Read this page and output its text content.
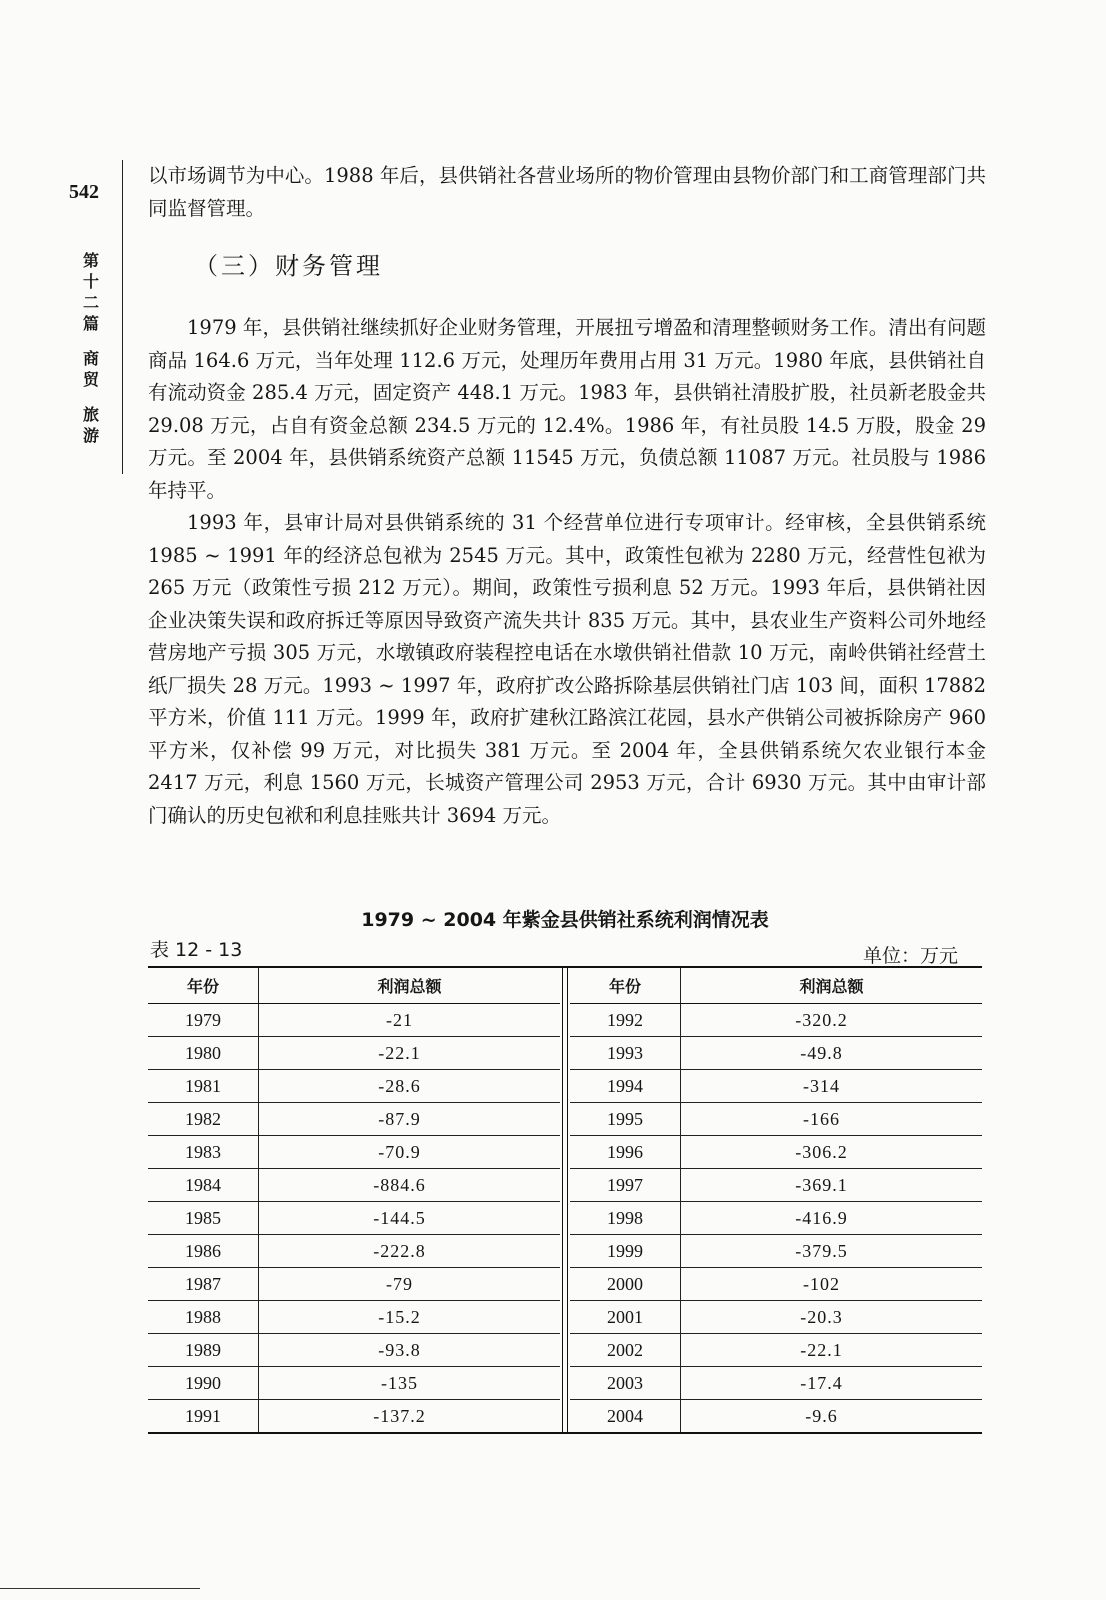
542
第
十
二
篇
商
贸
旅
游

以市场调节为中心。1988 年后，县供销社各营业场所的物价管理由县物价部门和工商管理部门共同监督管理。

（三）财务管理

1979 年，县供销社继续抓好企业财务管理，开展扭亏增盈和清理整顿财务工作。清出有问题商品 164.6 万元，当年处理 112.6 万元，处理历年费用占用 31 万元。1980 年底，县供销社自有流动资金 285.4 万元，固定资产 448.1 万元。1983 年，县供销社清股扩股，社员新老股金共 29.08 万元，占自有资金总额 234.5 万元的 12.4%。1986 年，有社员股 14.5 万股，股金 29 万元。至 2004 年，县供销系统资产总额 11545 万元，负债总额 11087 万元。社员股与 1986 年持平。

1993 年，县审计局对县供销系统的 31 个经营单位进行专项审计。经审核，全县供销系统 1985 ~ 1991 年的经济总包袱为 2545 万元。其中，政策性包袱为 2280 万元，经营性包袱为 265 万元（政策性亏损 212 万元）。期间，政策性亏损利息 52 万元。1993 年后，县供销社因企业决策失误和政府拆迁等原因导致资产流失共计 835 万元。其中，县农业生产资料公司外地经营房地产亏损 305 万元，水墩镇政府装程控电话在水墩供销社借款 10 万元，南岭供销社经营土纸厂损失 28 万元。1993 ~ 1997 年，政府扩改公路拆除基层供销社门店 103 间，面积 17882 平方米，价值 111 万元。1999 年，政府扩建秋江路滨江花园，县水产供销公司被拆除房产 960 平方米，仅补偿 99 万元，对比损失 381 万元。至 2004 年，全县供销系统欠农业银行本金 2417 万元，利息 1560 万元，长城资产管理公司 2953 万元，合计 6930 万元。其中由审计部门确认的历史包袱和利息挂账共计 3694 万元。

1979 ~ 2004 年紫金县供销社系统利润情况表
表 12 - 13	单位：万元
年份	利润总额
1979	-21
1980	-22.1
1981	-28.6
1982	-87.9
1983	-70.9
1984	-884.6
1985	-144.5
1986	-222.8
1987	-79
1988	-15.2
1989	-93.8
1990	-135
1991	-137.2
年份	利润总额
1992	-320.2
1993	-49.8
1994	-314
1995	-166
1996	-306.2
1997	-369.1
1998	-416.9
1999	-379.5
2000	-102
2001	-20.3
2002	-22.1
2003	-17.4
2004	-9.6
